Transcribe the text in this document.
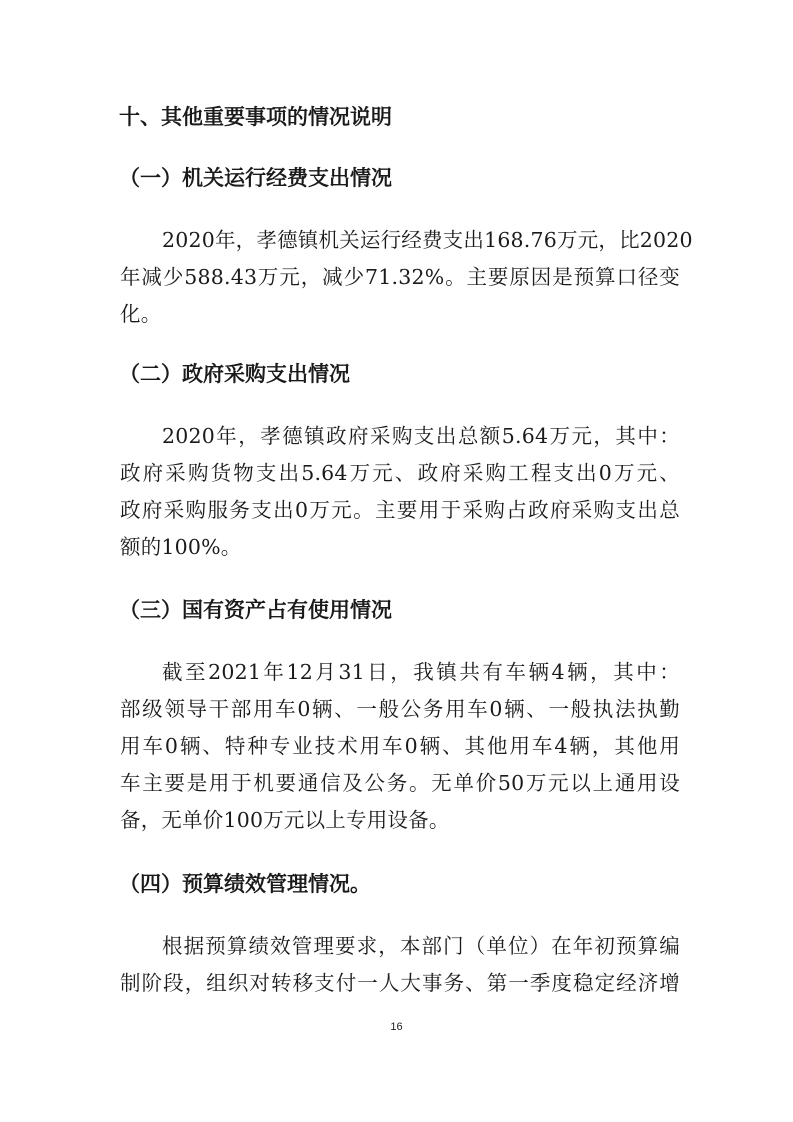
十、其他重要事项的情况说明
（一）机关运行经费支出情况
2020年，孝德镇机关运行经费支出168.76万元，比2020
年减少588.43万元，减少71.32%。主要原因是预算口径变
化。
（二）政府采购支出情况
2020年，孝德镇政府采购支出总额5.64万元，其中：
政府采购货物支出5.64万元、政府采购工程支出0万元、
政府采购服务支出0万元。主要用于采购占政府采购支出总
额的100%。
（三）国有资产占有使用情况
截至2021年12月31日，我镇共有车辆4辆，其中：
部级领导干部用车0辆、一般公务用车0辆、一般执法执勤
用车0辆、特种专业技术用车0辆、其他用车4辆，其他用
车主要是用于机要通信及公务。无单价50万元以上通用设
备，无单价100万元以上专用设备。
（四）预算绩效管理情况。
根据预算绩效管理要求，本部门（单位）在年初预算编
制阶段，组织对转移支付一人大事务、第一季度稳定经济增
16
